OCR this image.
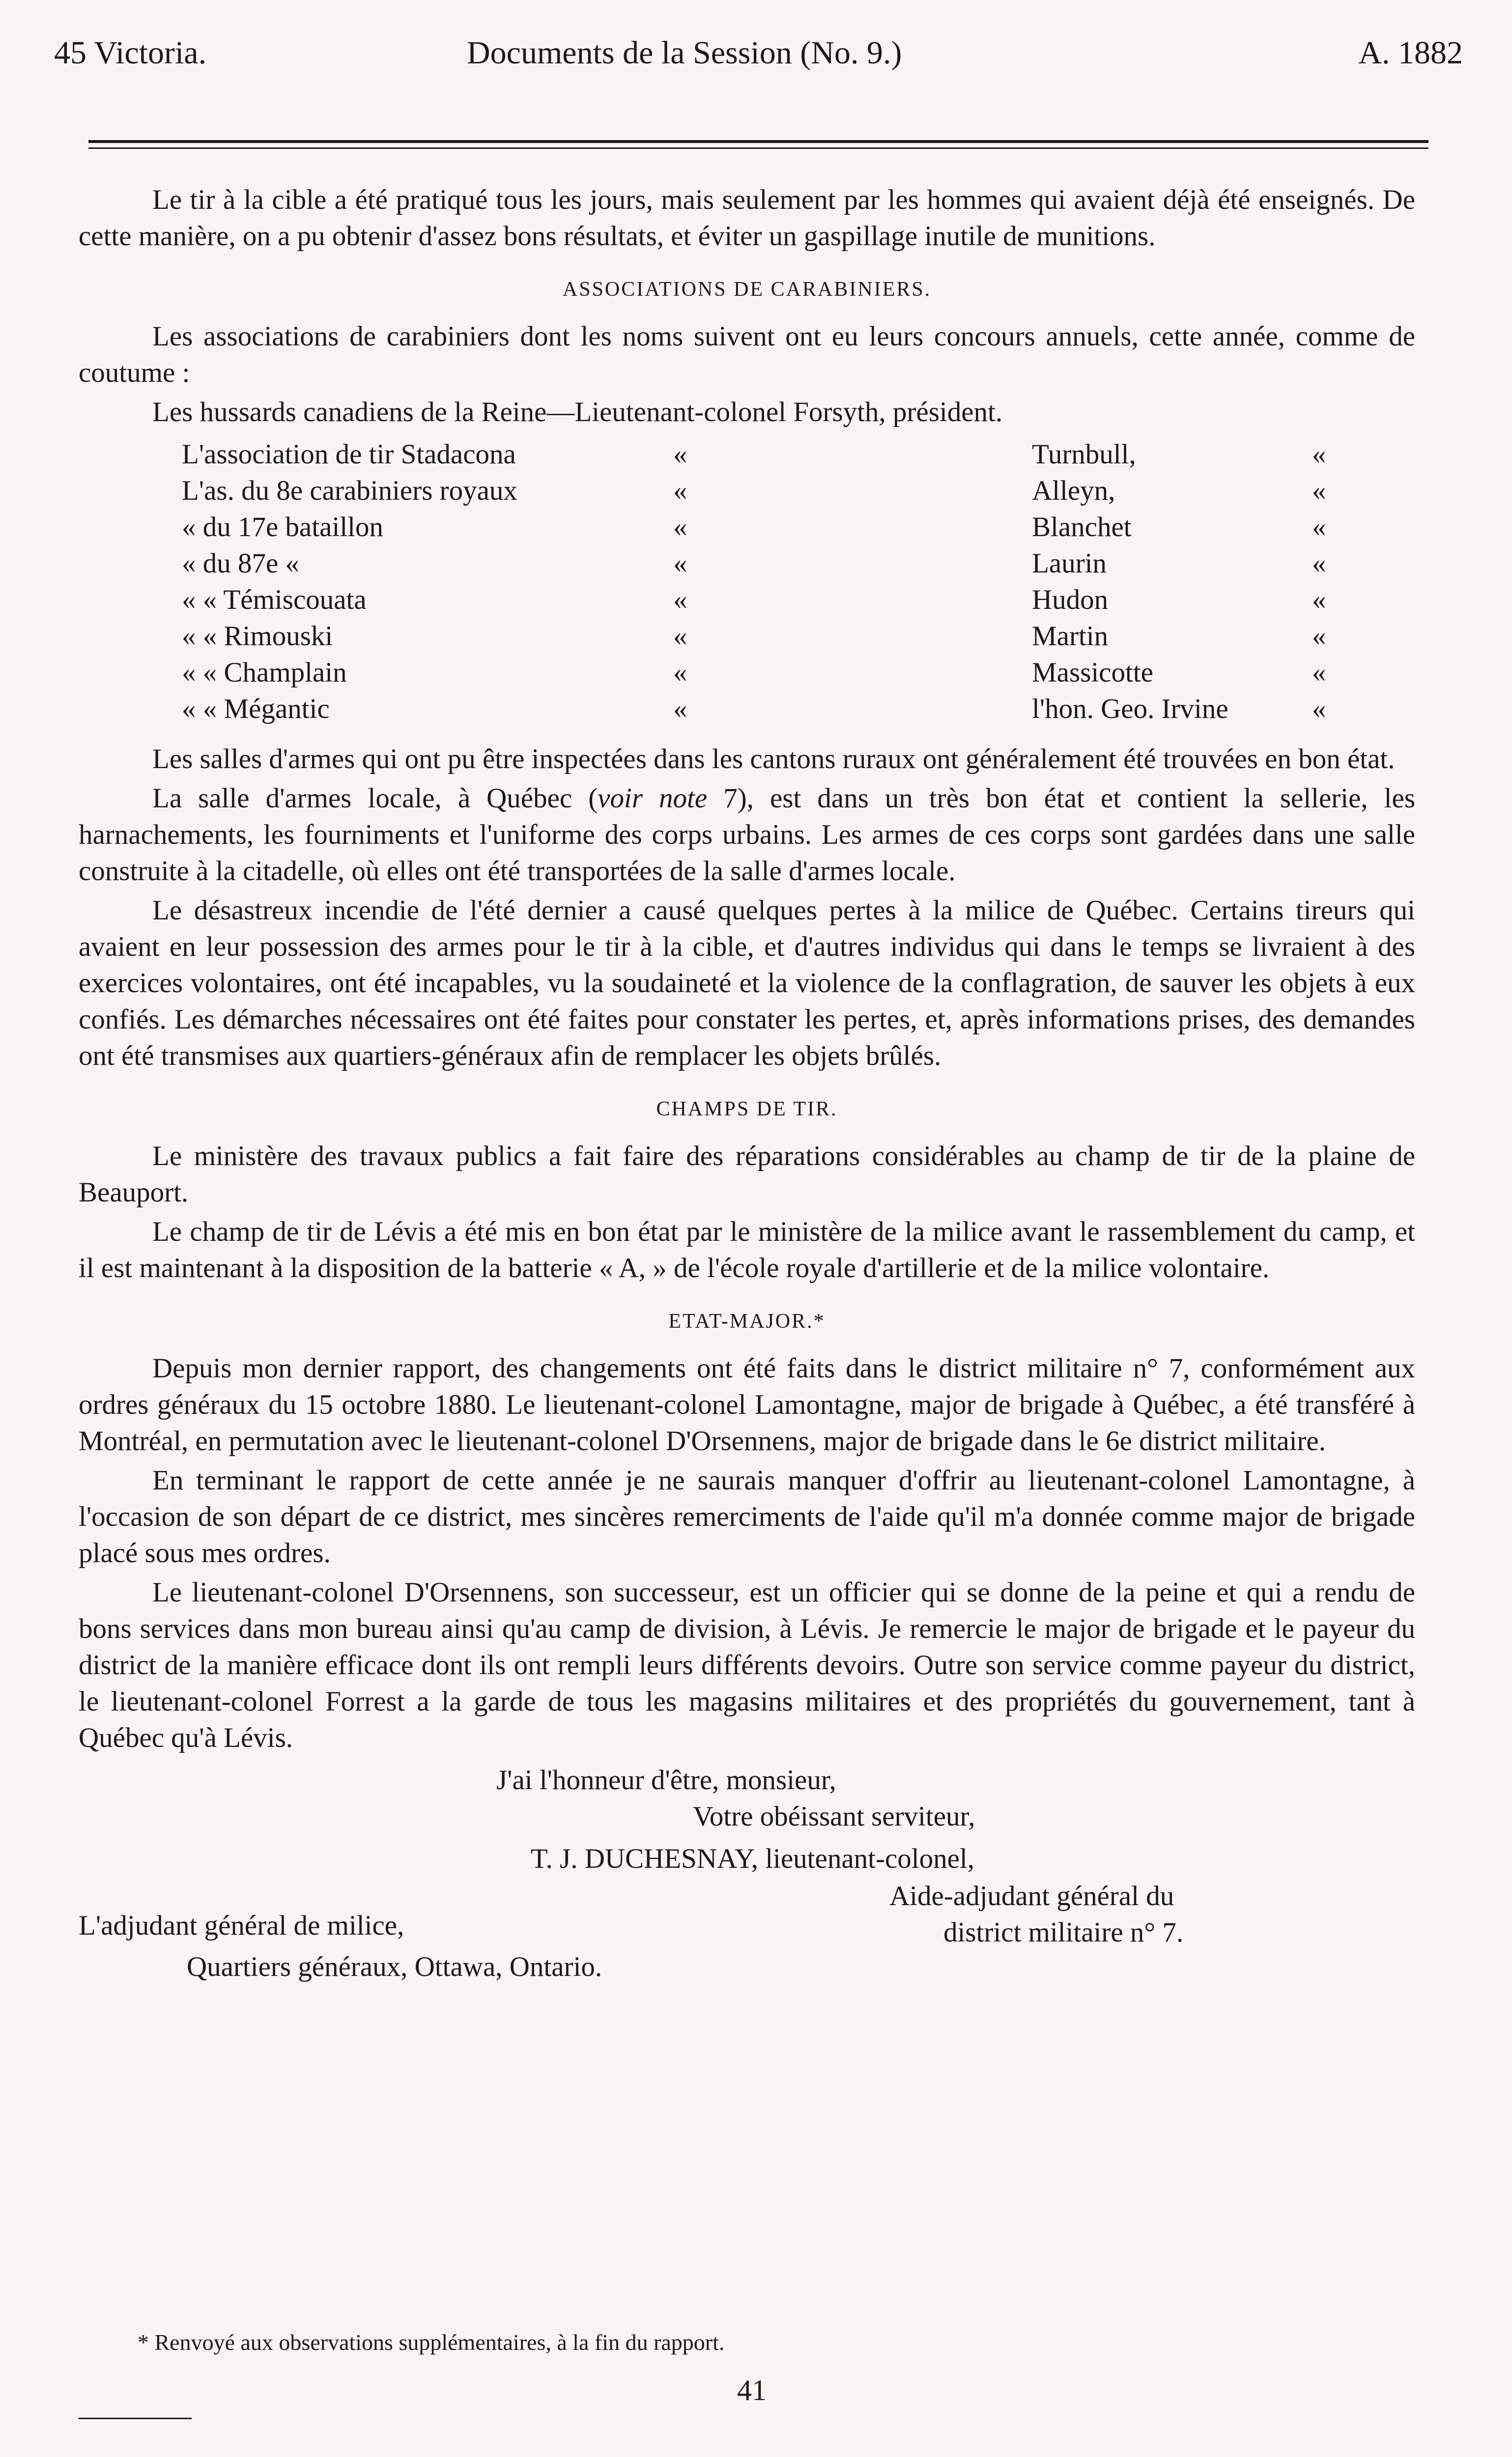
45 Victoria.	Documents de la Session (No. 9.)	A. 1882

Le tir à la cible a été pratiqué tous les jours, mais seulement par les hommes qui avaient déjà été enseignés. De cette manière, on a pu obtenir d'assez bons résultats, et éviter un gaspillage inutile de munitions.

ASSOCIATIONS DE CARABINIERS.

Les associations de carabiniers dont les noms suivent ont eu leurs concours annuels, cette année, comme de coutume :

Les hussards canadiens de la Reine—Lieutenant-colonel Forsyth, président.

L'association de tir Stadacona	«	Turnbull,	«
L'as. du 8e carabiniers royaux	«	Alleyn,	«
« du 17e bataillon	«	Blanchet	«
« du 87e «	«	Laurin	«
« « Témiscouata	«	Hudon	«
« « Rimouski	«	Martin	«
« « Champlain	«	Massicotte	«
« « Mégantic	«	l'hon. Geo. Irvine	«

Les salles d'armes qui ont pu être inspectées dans les cantons ruraux ont généralement été trouvées en bon état.

La salle d'armes locale, à Québec (voir note 7), est dans un très bon état et contient la sellerie, les harnachements, les fourniments et l'uniforme des corps urbains. Les armes de ces corps sont gardées dans une salle construite à la citadelle, où elles ont été transportées de la salle d'armes locale.

Le désastreux incendie de l'été dernier a causé quelques pertes à la milice de Québec. Certains tireurs qui avaient en leur possession des armes pour le tir à la cible, et d'autres individus qui dans le temps se livraient à des exercices volontaires, ont été incapables, vu la soudaineté et la violence de la conflagration, de sauver les objets à eux confiés. Les démarches nécessaires ont été faites pour constater les pertes, et, après informations prises, des demandes ont été transmises aux quartiers-généraux afin de remplacer les objets brûlés.

CHAMPS DE TIR.

Le ministère des travaux publics a fait faire des réparations considérables au champ de tir de la plaine de Beauport.

Le champ de tir de Lévis a été mis en bon état par le ministère de la milice avant le rassemblement du camp, et il est maintenant à la disposition de la batterie « A, » de l'école royale d'artillerie et de la milice volontaire.

ETAT-MAJOR.*

Depuis mon dernier rapport, des changements ont été faits dans le district militaire n° 7, conformément aux ordres généraux du 15 octobre 1880. Le lieutenant-colonel Lamontagne, major de brigade à Québec, a été transféré à Montréal, en permutation avec le lieutenant-colonel D'Orsennens, major de brigade dans le 6e district militaire.

En terminant le rapport de cette année je ne saurais manquer d'offrir au lieutenant-colonel Lamontagne, à l'occasion de son départ de ce district, mes sincères remerciments de l'aide qu'il m'a donnée comme major de brigade placé sous mes ordres.

Le lieutenant-colonel D'Orsennens, son successeur, est un officier qui se donne de la peine et qui a rendu de bons services dans mon bureau ainsi qu'au camp de division, à Lévis. Je remercie le major de brigade et le payeur du district de la manière efficace dont ils ont rempli leurs différents devoirs. Outre son service comme payeur du district, le lieutenant-colonel Forrest a la garde de tous les magasins militaires et des propriétés du gouvernement, tant à Québec qu'à Lévis.

J'ai l'honneur d'être, monsieur,
Votre obéissant serviteur,
T. J. DUCHESNAY, lieutenant-colonel,
Aide-adjudant général du
district militaire n° 7.
L'adjudant général de milice,
Quartiers généraux, Ottawa, Ontario.
* Renvoyé aux observations supplémentaires, à la fin du rapport.
41
